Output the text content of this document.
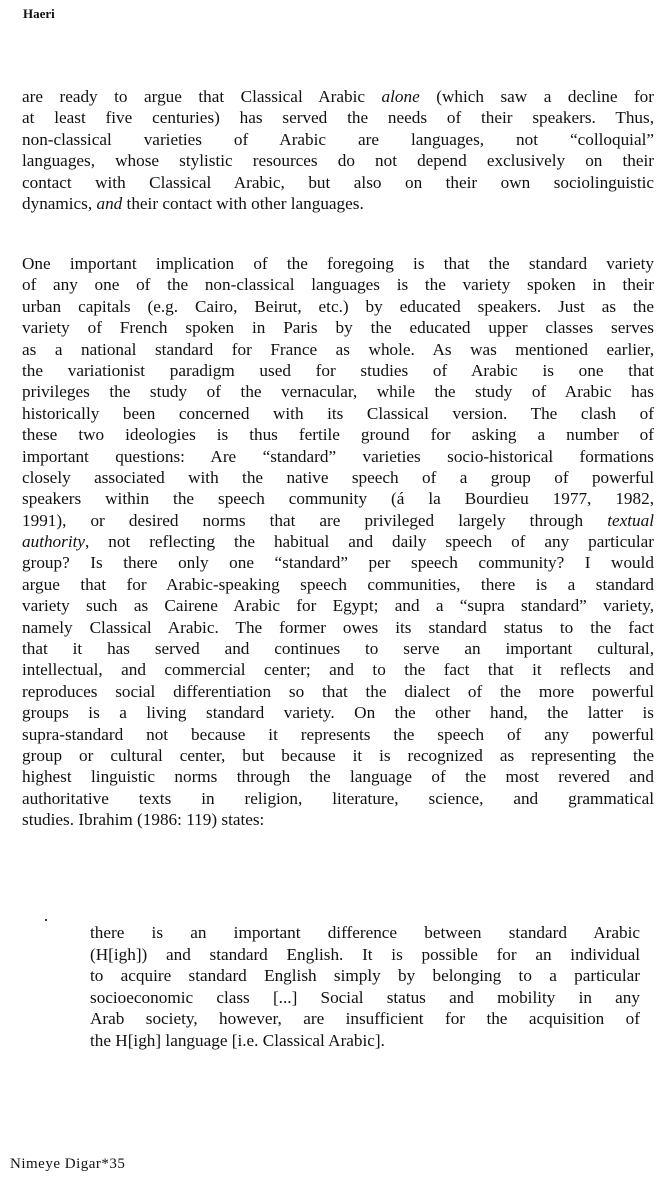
Haeri
are ready to argue that Classical Arabic alone (which saw a decline for
at least five centuries) has served the needs of their speakers. Thus,
non-classical varieties of Arabic are languages, not “colloquial”
languages, whose stylistic resources do not depend exclusively on their
contact with Classical Arabic, but also on their own sociolinguistic
dynamics, and their contact with other languages.
One important implication of the foregoing is that the standard variety
of any one of the non-classical languages is the variety spoken in their
urban capitals (e.g. Cairo, Beirut, etc.) by educated speakers. Just as the
variety of French spoken in Paris by the educated upper classes serves
as a national standard for France as whole. As was mentioned earlier,
the variationist paradigm used for studies of Arabic is one that
privileges the study of the vernacular, while the study of Arabic has
historically been concerned with its Classical version. The clash of
these two ideologies is thus fertile ground for asking a number of
important questions: Are “standard” varieties socio-historical formations
closely associated with the native speech of a group of powerful
speakers within the speech community (á la Bourdieu 1977, 1982,
1991), or desired norms that are privileged largely through textual
authority, not reflecting the habitual and daily speech of any particular
group? Is there only one “standard” per speech community? I would
argue that for Arabic-speaking speech communities, there is a standard
variety such as Cairene Arabic for Egypt; and a “supra standard” variety,
namely Classical Arabic. The former owes its standard status to the fact
that it has served and continues to serve an important cultural,
intellectual, and commercial center; and to the fact that it reflects and
reproduces social differentiation so that the dialect of the more powerful
groups is a living standard variety. On the other hand, the latter is
supra-standard not because it represents the speech of any powerful
group or cultural center, but because it is recognized as representing the
highest linguistic norms through the language of the most revered and
authoritative texts in religion, literature, science, and grammatical
studies. Ibrahim (1986: 119) states:
there is an important difference between standard Arabic
(H[igh]) and standard English. It is possible for an individual
to acquire standard English simply by belonging to a particular
socioeconomic class [...] Social status and mobility in any
Arab society, however, are insufficient for the acquisition of
the H[igh] language [i.e. Classical Arabic].
Nimeye Digar*35
